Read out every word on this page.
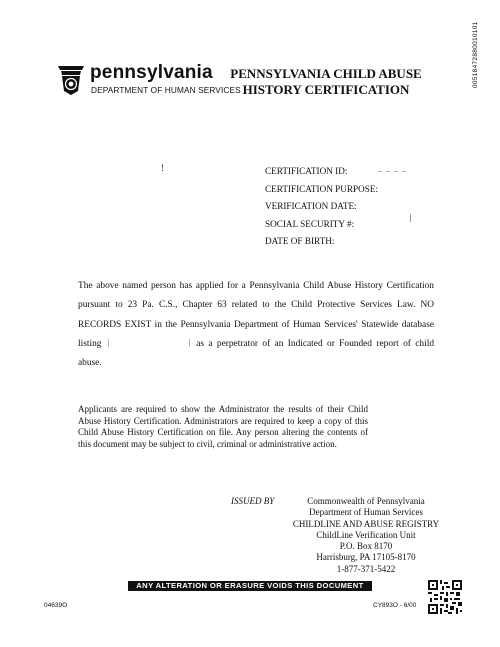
pennsylvania
DEPARTMENT OF HUMAN SERVICES
PENNSYLVANIA CHILD ABUSE
HISTORY CERTIFICATION
00518472880010101
!	CERTIFICATION ID:
CERTIFICATION PURPOSE:
VERIFICATION DATE:
SOCIAL SECURITY #:
DATE OF BIRTH:
_ _ _ _
The above named person has applied for a Pennsylvania Child Abuse History Certification pursuant to 23 Pa. C.S., Chapter 63 related to the Child Protective Services Law. NO RECORDS EXIST in the Pennsylvania Department of Human Services' Statewide database listing	as a perpetrator of an Indicated or Founded report of child abuse.
Applicants are required to show the Administrator the results of their Child Abuse History Certification. Administrators are required to keep a copy of this Child Abuse History Certification on file. Any person altering the contents of this document may be subject to civil, criminal or administrative action.
ISSUED BY	Commonwealth of Pennsylvania
Department of Human Services
CHILDLINE AND ABUSE REGISTRY
ChildLine Verification Unit
P.O. Box 8170
Harrisburg, PA 17105-8170
1-877-371-5422
ANY ALTERATION OR ERASURE VOIDS THIS DOCUMENT
04639O	CY893O - 6/00
